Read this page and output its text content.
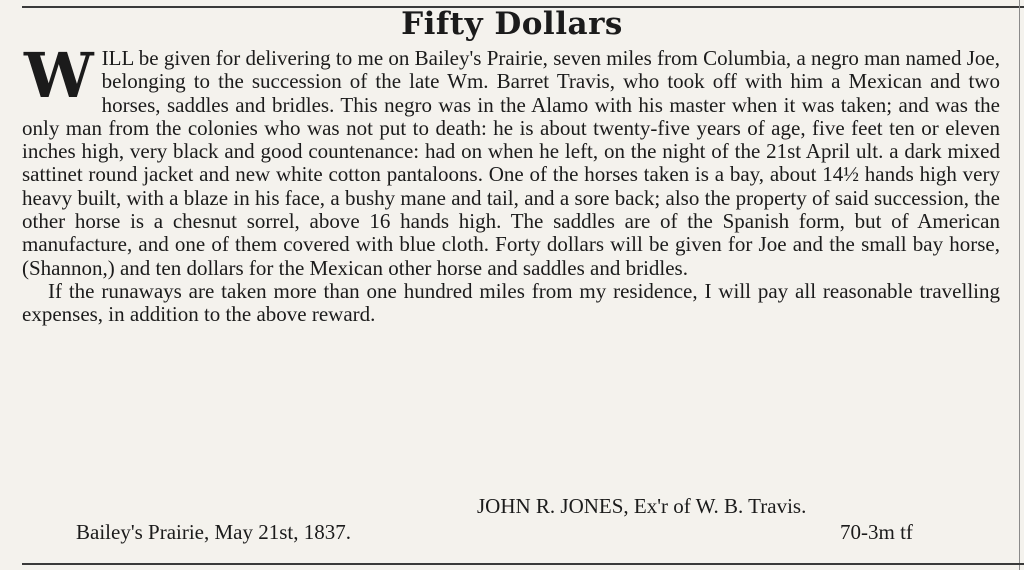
Fifty Dollars
W ILL be given for delivering to me on Bailey's Prairie, seven miles from Columbia, a negro man named Joe, belonging to the succession of the late Wm. Barret Travis, who took off with him a Mexican and two horses, saddles and bridles. This negro was in the Alamo with his master when it was taken; and was the only man from the colonies who was not put to death: he is about twenty-five years of age, five feet ten or eleven inches high, very black and good countenance: had on when he left, on the night of the 21st April ult. a dark mixed sattinet round jacket and new white cotton pantaloons. One of the horses taken is a bay, about 14½ hands high very heavy built, with a blaze in his face, a bushy mane and tail, and a sore back; also the property of said succession, the other horse is a chesnut sorrel, above 16 hands high. The saddles are of the Spanish form, but of American manufacture, and one of them covered with blue cloth. Forty dollars will be given for Joe and the small bay horse, (Shannon,) and ten dollars for the Mexican other horse and saddles and bridles.

If the runaways are taken more than one hundred miles from my residence, I will pay all reasonable travelling expenses, in addition to the above reward.

JOHN R. JONES, Ex'r of W. B. Travis.
Bailey's Prairie, May 21st, 1837.	70-3m tf
